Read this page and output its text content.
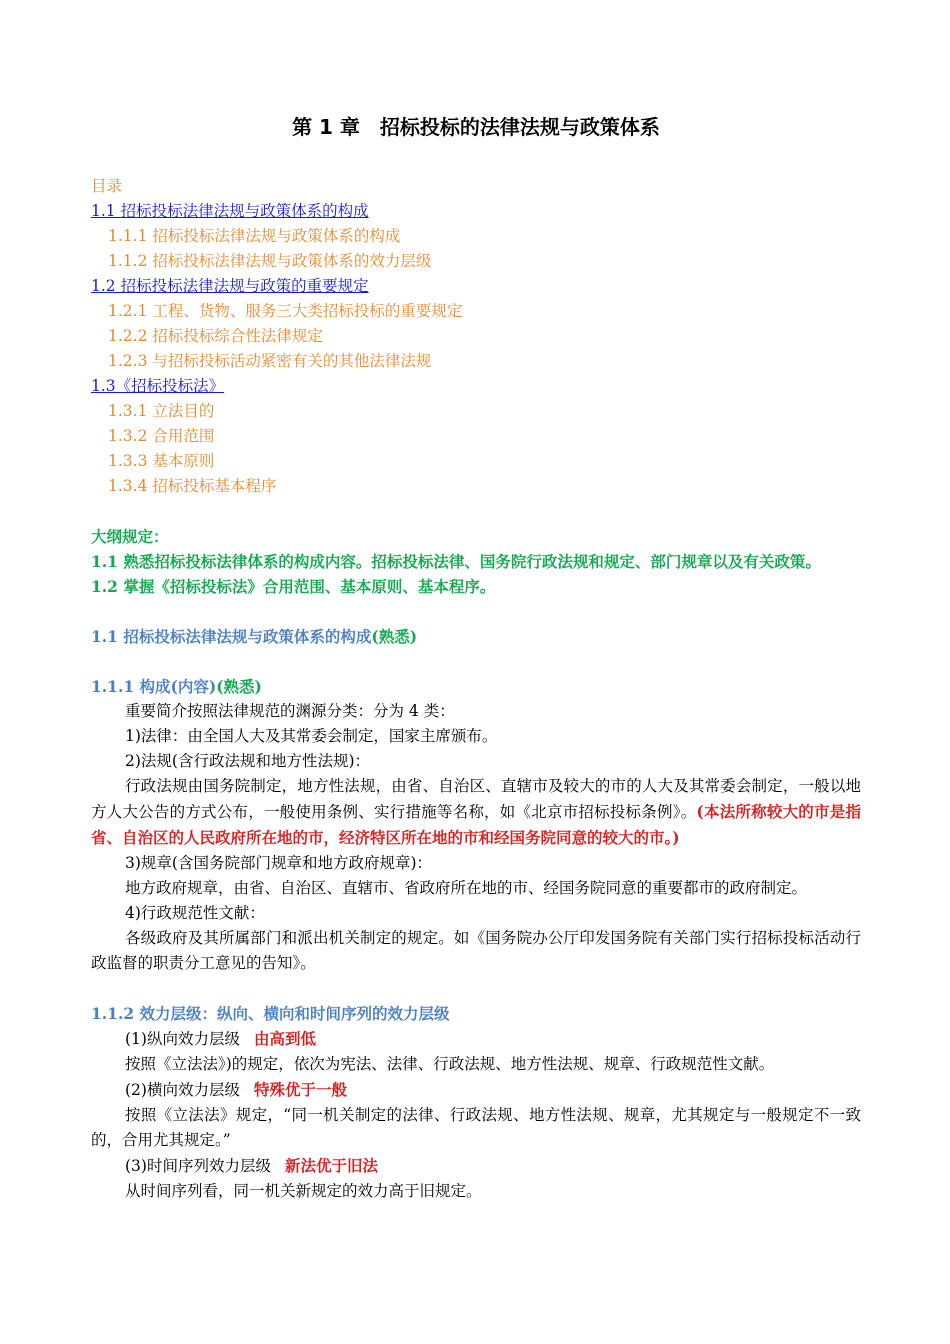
第 1 章　招标投标的法律法规与政策体系
目录
1.1 招标投标法律法规与政策体系的构成
1.1.1 招标投标法律法规与政策体系的构成
1.1.2 招标投标法律法规与政策体系的效力层级
1.2 招标投标法律法规与政策的重要规定
1.2.1 工程、货物、服务三大类招标投标的重要规定
1.2.2 招标投标综合性法律规定
1.2.3 与招标投标活动紧密有关的其他法律法规
1.3《招标投标法》
1.3.1 立法目的
1.3.2 合用范围
1.3.3 基本原则
1.3.4 招标投标基本程序
大纲规定：
1.1 熟悉招标投标法律体系的构成内容。招标投标法律、国务院行政法规和规定、部门规章以及有关政策。
1.2 掌握《招标投标法》合用范围、基本原则、基本程序。
1.1 招标投标法律法规与政策体系的构成(熟悉)
1.1.1 构成(内容)(熟悉)
重要简介按照法律规范的渊源分类：分为 4 类：
1)法律：由全国人大及其常委会制定，国家主席颁布。
2)法规(含行政法规和地方性法规)：
行政法规由国务院制定，地方性法规，由省、自治区、直辖市及较大的市的人大及其常委会制定，一般以地方人大公告的方式公布，一般使用条例、实行措施等名称，如《北京市招标投标条例》。(本法所称较大的市是指省、自治区的人民政府所在地的市，经济特区所在地的市和经国务院同意的较大的市。)
3)规章(含国务院部门规章和地方政府规章)：
地方政府规章，由省、自治区、直辖市、省政府所在地的市、经国务院同意的重要都市的政府制定。
4)行政规范性文献：
各级政府及其所属部门和派出机关制定的规定。如《国务院办公厅印发国务院有关部门实行招标投标活动行政监督的职责分工意见的告知》。
1.1.2 效力层级：纵向、横向和时间序列的效力层级
(1)纵向效力层级 由高到低
按照《立法法》)的规定，依次为宪法、法律、行政法规、地方性法规、规章、行政规范性文献。
(2)横向效力层级 特殊优于一般
按照《立法法》规定，“同一机关制定的法律、行政法规、地方性法规、规章，尤其规定与一般规定不一致的，合用尤其规定。”
(3)时间序列效力层级 新法优于旧法
从时间序列看，同一机关新规定的效力高于旧规定。
